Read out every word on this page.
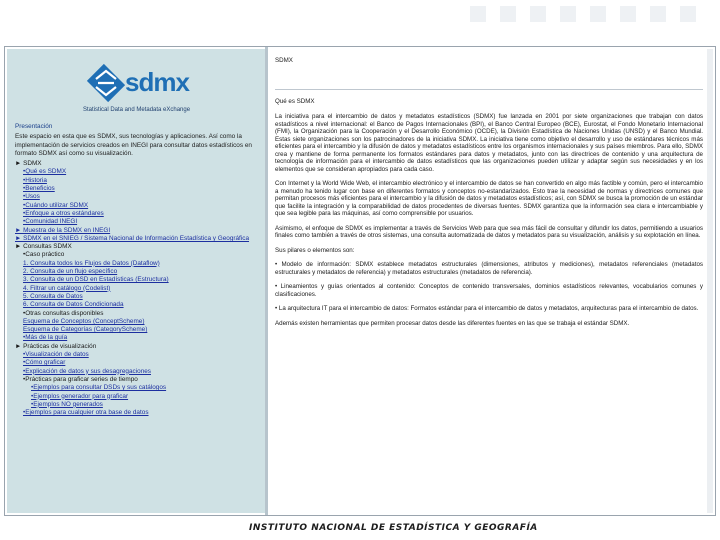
sdmx
Statistical Data and Metadata eXchange
Presentación
Este espacio en esta que es SDMX, sus tecnologías y aplicaciones. Así como la implementación de servicios creados en INEGI para consultar datos estadísticos en formato SDMX así como su visualización.
► SDMX
•Qué es SDMX
•Historia
•Beneficios
•Usos
•Cuándo utilizar SDMX
•Enfoque a otros estándares
•Comunidad INEGI
► Muestra de la SDMX en INEGI
► SDMX en el SNIEG / Sistema Nacional de Información Estadística y Geográfica
► Consultas SDMX
•Caso práctico
1. Consulta todos los Flujos de Datos (Dataflow)
2. Consulta de un flujo específico
3. Consulta de un DSD en Estadísticas (Estructura)
4. Filtrar un catálogo (Codelist)
5. Consulta de Datos
6. Consulta de Datos Condicionada
•Otras consultas disponibles
Esquema de Conceptos (ConceptScheme)
Esquema de Categorías (CategoryScheme)
•Más de la guía
► Prácticas de visualización
•Visualización de datos
•Cómo graficar
•Explicación de datos y sus desagregaciones
•Prácticas para graficar series de tiempo
•Ejemplos para consultar DSDs y sus catálogos
•Ejemplos generador para graficar
•Ejemplos NO generados
•Ejemplos para cualquier otra base de datos
SDMX
Qué es SDMX

La iniciativa para el intercambio de datos y metadatos estadísticos (SDMX) fue lanzada en 2001 por siete organizaciones que trabajan con datos estadísticos a nivel internacional: el Banco de Pagos Internacionales (BPI), el Banco Central Europeo (BCE), Eurostat, el Fondo Monetario Internacional (FMI), la Organización para la Cooperación y el Desarrollo Económico (OCDE), la División Estadística de Naciones Unidas (UNSD) y el Banco Mundial. Estas siete organizaciones son los patrocinadores de la iniciativa SDMX. La iniciativa tiene como objetivo el desarrollo y uso de estándares técnicos más eficientes para el intercambio y la difusión de datos y metadatos estadísticos entre los organismos internacionales y sus países miembros. Para ello, SDMX crea y mantiene de forma permanente los formatos estándares para datos y metadatos, junto con las directrices de contenido y una arquitectura de tecnología de información para el intercambio de datos estadísticos que las organizaciones pueden utilizar y adaptar según sus necesidades y en los elementos que se consideran apropiados para cada caso.

Con Internet y la World Wide Web, el intercambio electrónico y el intercambio de datos se han convertido en algo más factible y común, pero el intercambio a menudo ha tenido lugar con base en diferentes formatos y conceptos no-estandarizados. Esto trae la necesidad de normas y directrices comunes que permitan procesos más eficientes para el intercambio y la difusión de datos y metadatos estadísticos; así, con SDMX se busca la promoción de un estándar que facilite la integración y la comparabilidad de datos procedentes de diversas fuentes. SDMX garantiza que la información sea clara e intercambiable y que sea legible para las máquinas, así como comprensible por usuarios.

Asimismo, el enfoque de SDMX es implementar a través de Servicios Web para que sea más fácil de consultar y difundir los datos, permitiendo a usuarios finales como también a través de otros sistemas, una consulta automatizada de datos y metadatos para su visualización, análisis y su explotación en línea.

Sus pilares o elementos son:

• Modelo de información: SDMX establece metadatos estructurales (dimensiones, atributos y mediciones), metadatos referenciales (metadatos estructurales y metadatos de referencia) y metadatos estructurales (metadatos de referencia).

• Lineamientos y guías orientados al contenido: Conceptos de contenido transversales, dominios estadísticos relevantes, vocabularios comunes y clasificaciones.

• La arquitectura IT para el intercambio de datos: Formatos estándar para el intercambio de datos y metadatos, arquitecturas para el intercambio de datos.

Además existen herramientas que permiten procesar datos desde las diferentes fuentes en las que se trabaja el estándar SDMX.

INSTITUTO NACIONAL DE ESTADÍSTICA Y GEOGRAFÍA
